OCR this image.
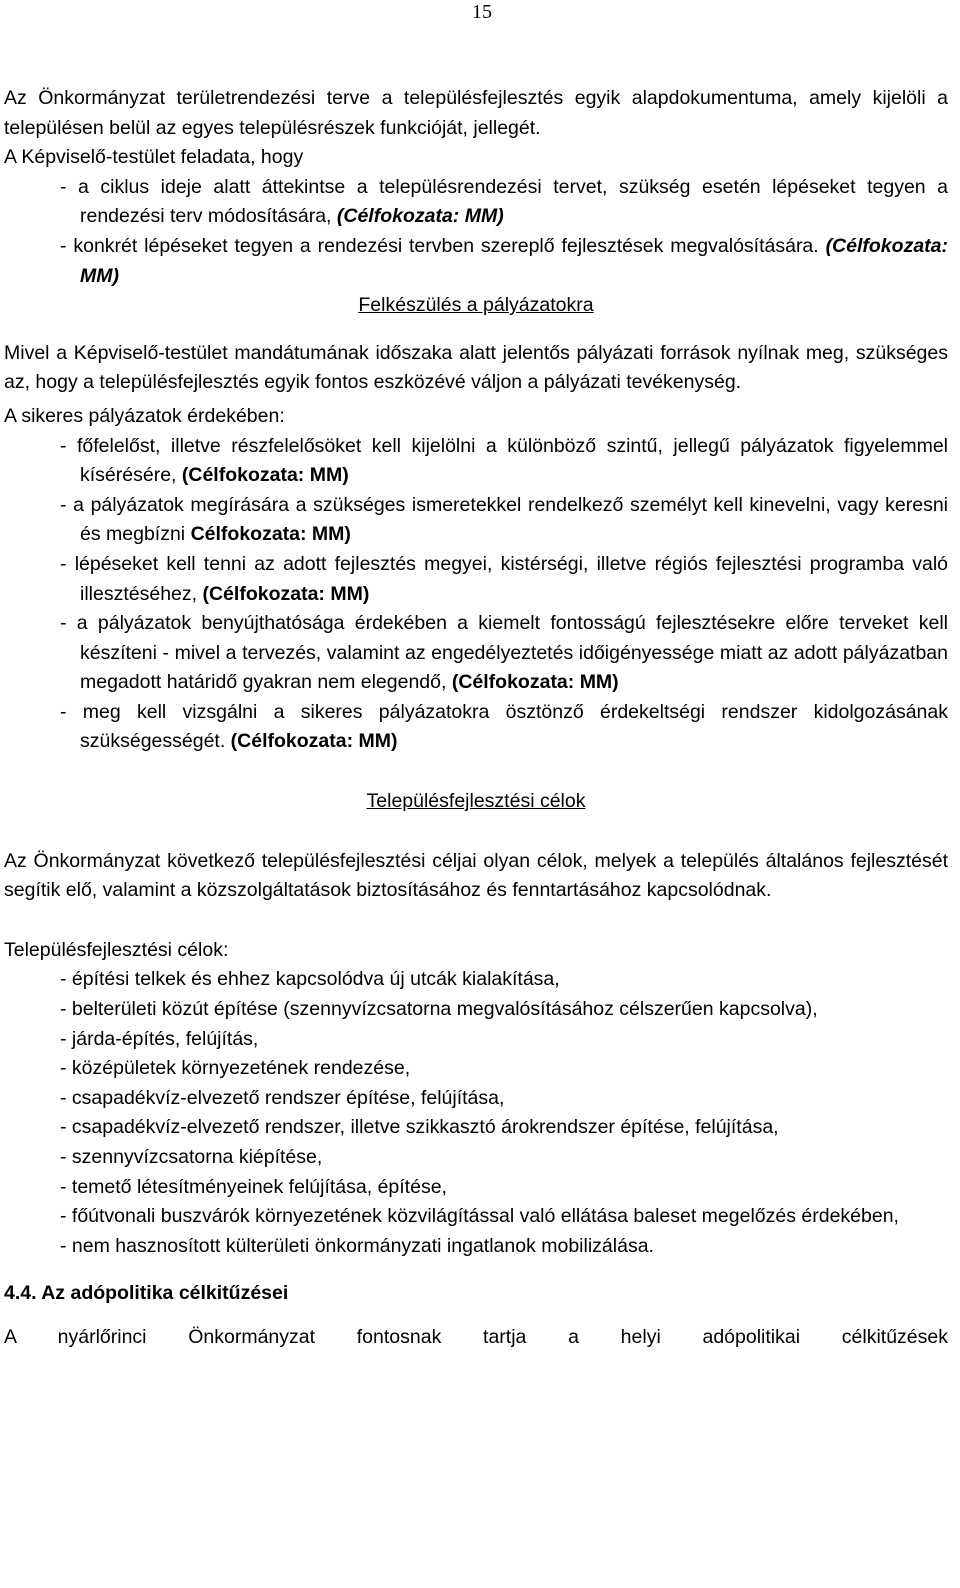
15

Az Önkormányzat területrendezési terve a településfejlesztés egyik alapdokumentuma, amely kijelöli a településen belül az egyes településrészek funkcióját, jellegét.

A Képviselő-testület feladata, hogy

- a ciklus ideje alatt áttekintse a településrendezési tervet, szükség esetén lépéseket tegyen a rendezési terv módosítására, (Célfokozata: MM)

- konkrét lépéseket tegyen a rendezési tervben szereplő fejlesztések megvalósítására. (Célfokozata: MM)

Felkészülés a pályázatokra

Mivel a Képviselő-testület mandátumának időszaka alatt jelentős pályázati források nyílnak meg, szükséges az, hogy a településfejlesztés egyik fontos eszközévé váljon a pályázati tevékenység.

A sikeres pályázatok érdekében:

- főfelelőst, illetve részfelelősöket kell kijelölni a különböző szintű, jellegű pályázatok figyelemmel kísérésére, (Célfokozata: MM)

- a pályázatok megírására a szükséges ismeretekkel rendelkező személyt kell kinevelni, vagy keresni és megbízni Célfokozata: MM)

- lépéseket kell tenni az adott fejlesztés megyei, kistérségi, illetve régiós fejlesztési programba való illesztéséhez, (Célfokozata: MM)

- a pályázatok benyújthatósága érdekében a kiemelt fontosságú fejlesztésekre előre terveket kell készíteni - mivel a tervezés, valamint az engedélyeztetés időigényessége miatt az adott pályázatban megadott határidő gyakran nem elegendő, (Célfokozata: MM)

- meg kell vizsgálni a sikeres pályázatokra ösztönző érdekeltségi rendszer kidolgozásának szükségességét. (Célfokozata: MM)

Településfejlesztési célok

Az Önkormányzat következő településfejlesztési céljai olyan célok, melyek a település általános fejlesztését segítik elő, valamint a közszolgáltatások biztosításához és fenntartásához kapcsolódnak.

Településfejlesztési célok:

- építési telkek és ehhez kapcsolódva új utcák kialakítása,

- belterületi közút építése (szennyvízcsatorna megvalósításához célszerűen kapcsolva),

- járda-építés, felújítás,

- középületek környezetének rendezése,

- csapadékvíz-elvezető rendszer építése, felújítása,

- csapadékvíz-elvezető rendszer, illetve szikkasztó árokrendszer építése, felújítása,

- szennyvízcsatorna kiépítése,

- temető létesítményeinek felújítása, építése,

- főútvonali buszvárók környezetének közvilágítással való ellátása baleset megelőzés érdekében,

- nem hasznosított külterületi önkormányzati ingatlanok mobilizálása.

4.4. Az adópolitika célkitűzései

A nyárlőrinci Önkormányzat fontosnak tartja a helyi adópolitikai célkitűzések
